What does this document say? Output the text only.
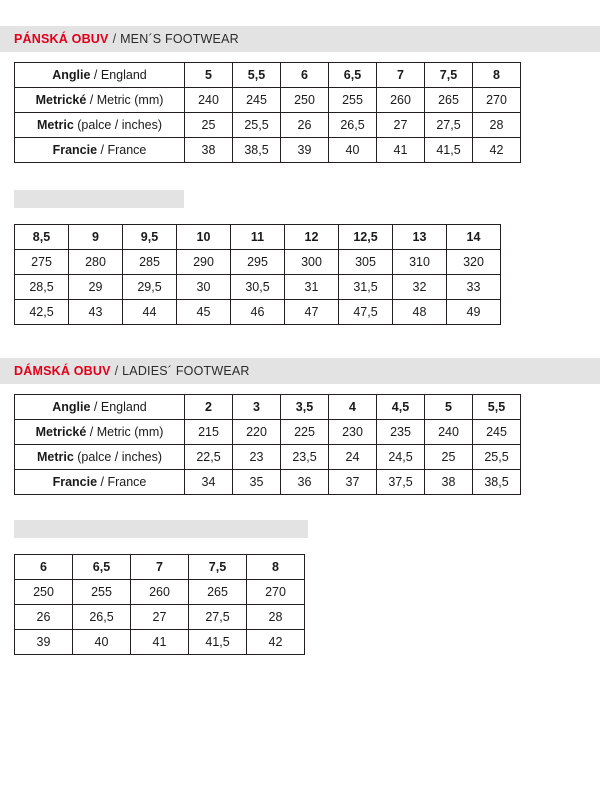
PÁNSKÁ OBUV / MEN´S FOOTWEAR
Anglie / England	5	5,5	6	6,5	7	7,5	8
Metrické / Metric (mm)	240	245	250	255	260	265	270
Metric (palce / inches)	25	25,5	26	26,5	27	27,5	28
Francie / France	38	38,5	39	40	41	41,5	42
8,5	9	9,5	10	11	12	12,5	13	14
275	280	285	290	295	300	305	310	320
28,5	29	29,5	30	30,5	31	31,5	32	33
42,5	43	44	45	46	47	47,5	48	49
DÁMSKÁ OBUV / LADIES´ FOOTWEAR
Anglie / England	2	3	3,5	4	4,5	5	5,5
Metrické / Metric (mm)	215	220	225	230	235	240	245
Metric (palce / inches)	22,5	23	23,5	24	24,5	25	25,5
Francie / France	34	35	36	37	37,5	38	38,5
6	6,5	7	7,5	8
250	255	260	265	270
26	26,5	27	27,5	28
39	40	41	41,5	42
